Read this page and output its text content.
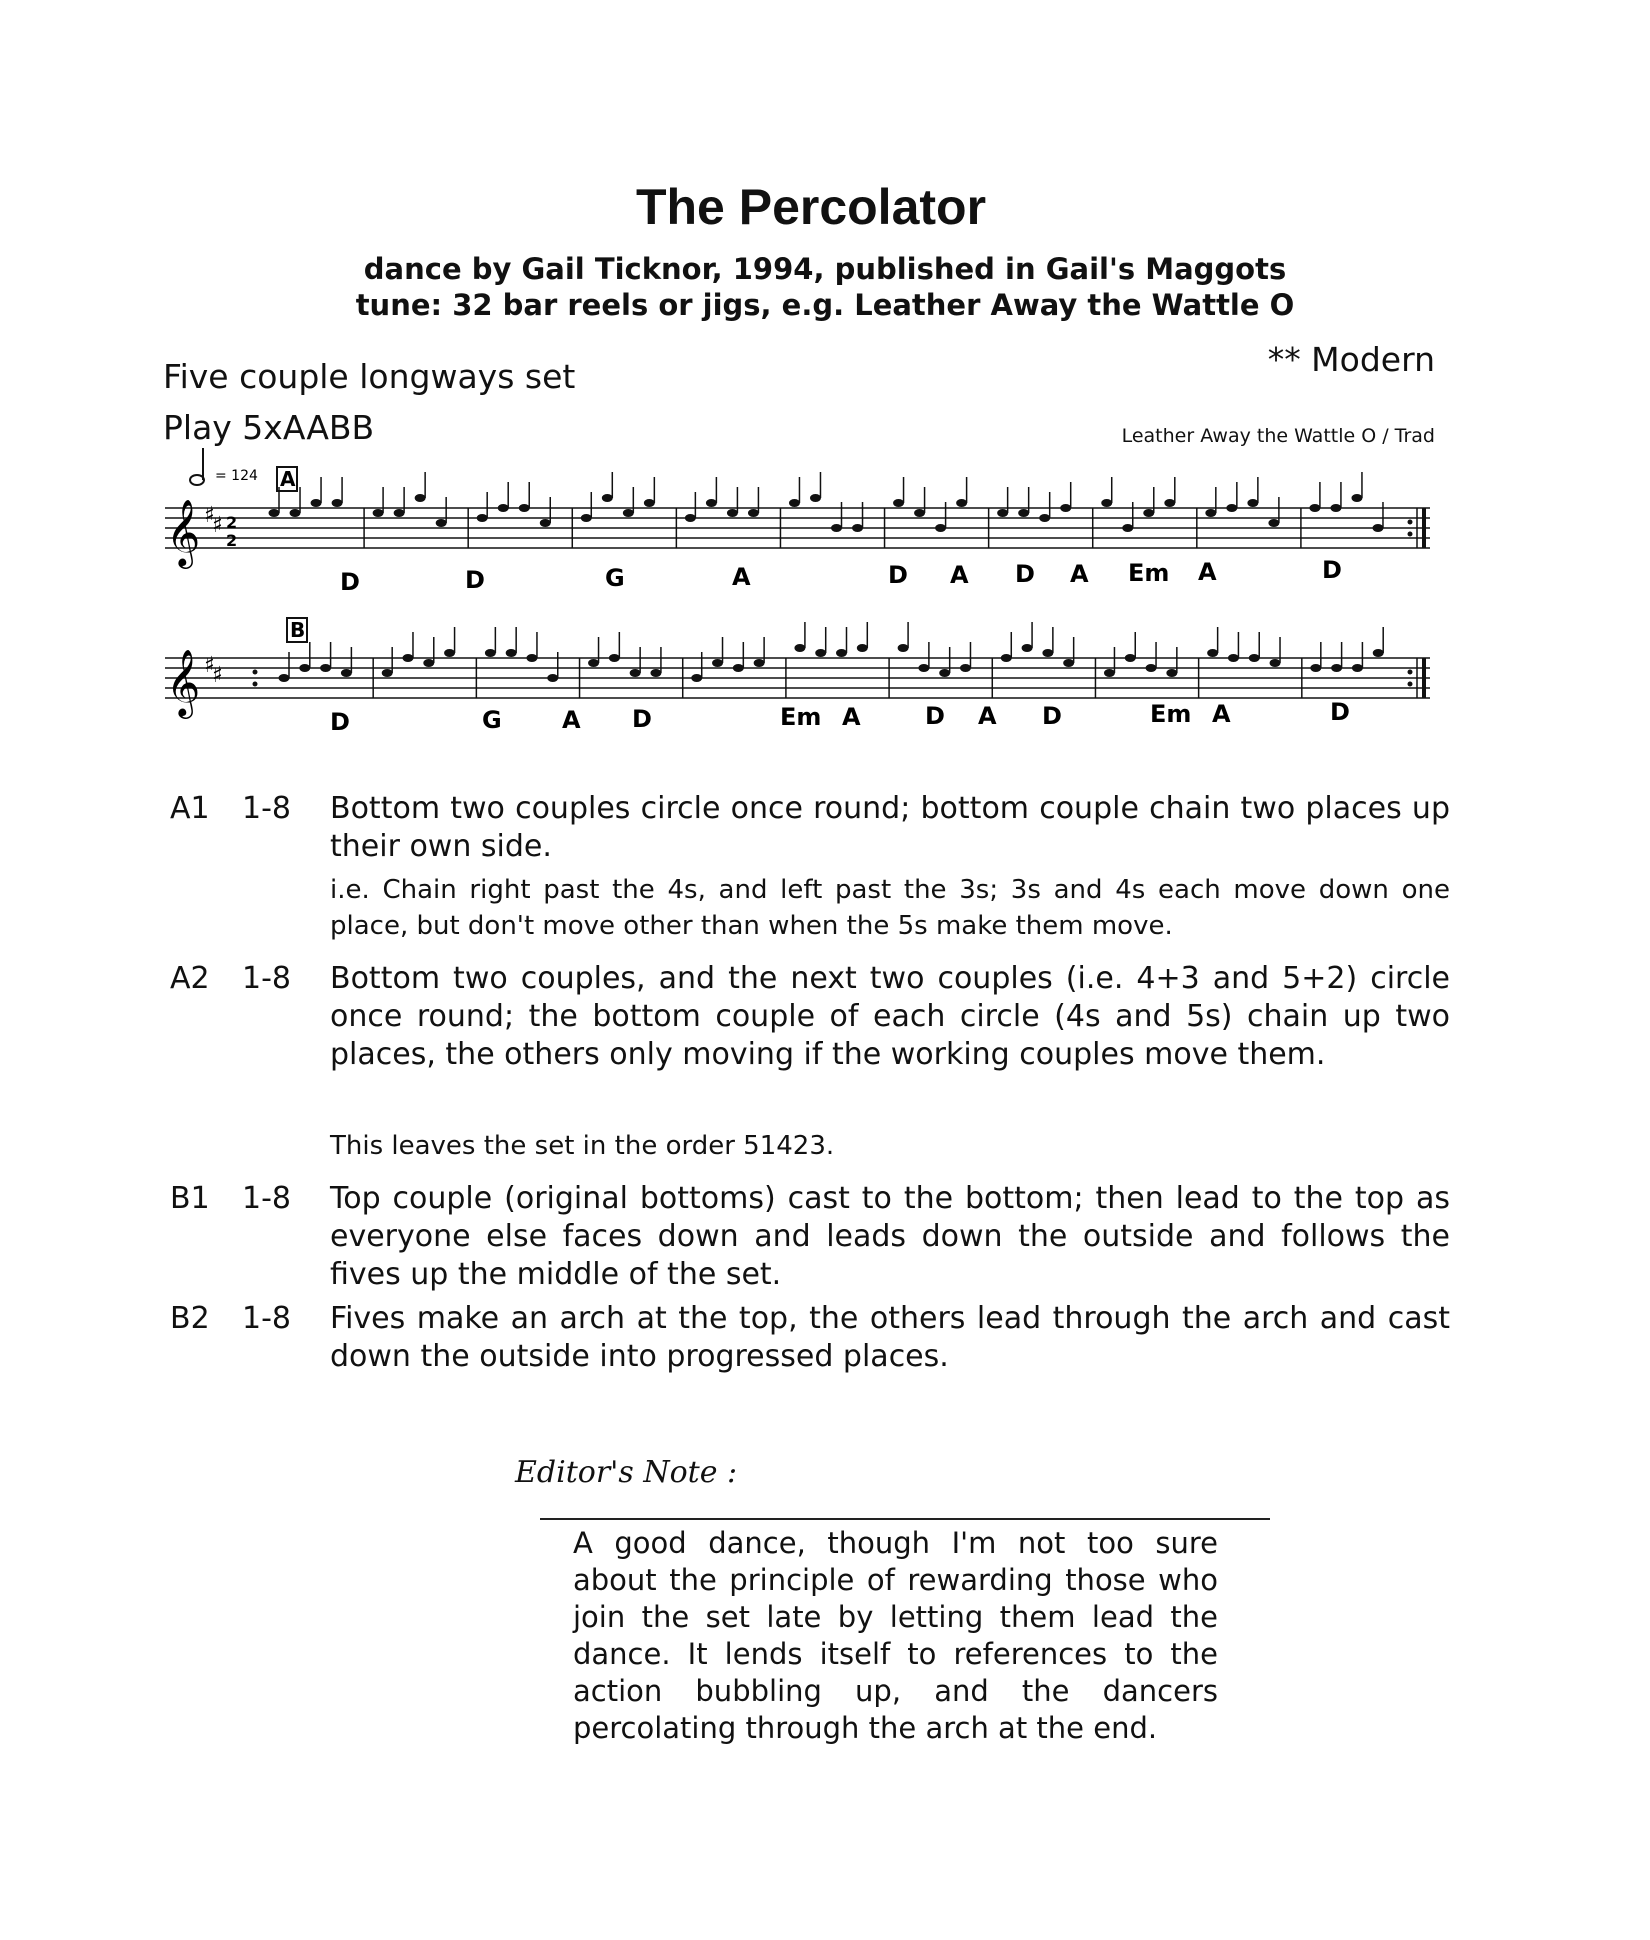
The Percolator
dance by Gail Ticknor, 1994, published in Gail's Maggots
tune: 32 bar reels or jigs, e.g. Leather Away the Wattle O
Five couple longways set
Play 5xAABB
** Modern
Leather Away the Wattle O / Trad
= 124 A
𝄞 ♯
♯ 2
2
D	D	G	A	D A D A Em A	D
B
𝄞 ♯
♯
D	G	A D	Em A	D A D	Em A	D
A1	1-8	Bottom two couples circle once round; bottom couple chain two places up their own side.
i.e. Chain right past the 4s, and left past the 3s; 3s and 4s each move down one place, but don't move other than when the 5s make them move.
A2	1-8	Bottom two couples, and the next two couples (i.e. 4+3 and 5+2) circle once round; the bottom couple of each circle (4s and 5s) chain up two places, the others only moving if the working couples move them.
This leaves the set in the order 51423.
B1	1-8	Top couple (original bottoms) cast to the bottom; then lead to the top as everyone else faces down and leads down the outside and follows the fives up the middle of the set.
B2	1-8	Fives make an arch at the top, the others lead through the arch and cast down the outside into progressed places.
Editor's Note :
A good dance, though I'm not too sure about the principle of rewarding those who join the set late by letting them lead the dance. It lends itself to references to the action bubbling up, and the dancers percolating through the arch at the end.
